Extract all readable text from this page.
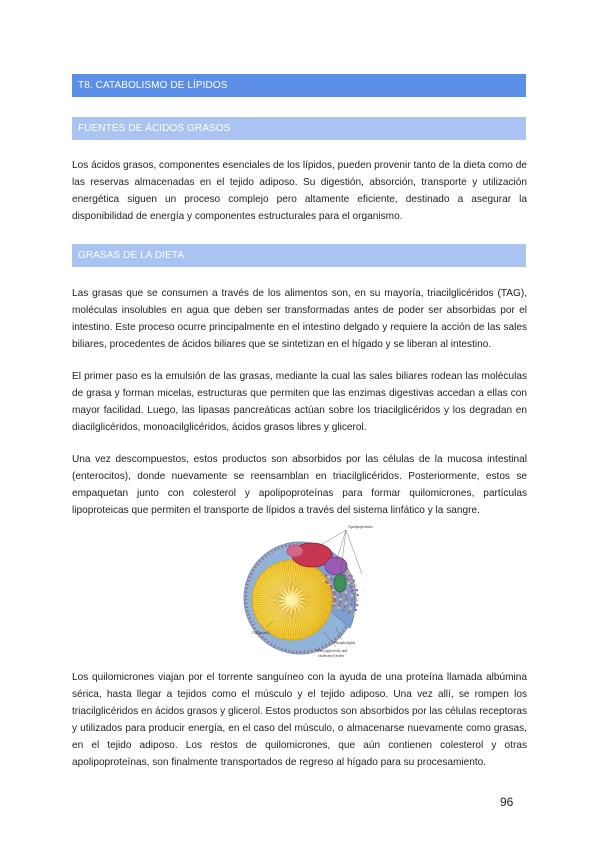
T8. CATABOLISMO DE LÍPIDOS
FUENTES DE ÁCIDOS GRASOS

Los ácidos grasos, componentes esenciales de los lípidos, pueden provenir tanto de la dieta como de las reservas almacenadas en el tejido adiposo. Su digestión, absorción, transporte y utilización energética siguen un proceso complejo pero altamente eficiente, destinado a asegurar la disponibilidad de energía y componentes estructurales para el organismo.

GRASAS DE LA DIETA

Las grasas que se consumen a través de los alimentos son, en su mayoría, triacilglicéridos (TAG), moléculas insolubles en agua que deben ser transformadas antes de poder ser absorbidas por el intestino. Este proceso ocurre principalmente en el intestino delgado y requiere la acción de las sales biliares, procedentes de ácidos biliares que se sintetizan en el hígado y se liberan al intestino.

El primer paso es la emulsión de las grasas, mediante la cual las sales biliares rodean las moléculas de grasa y forman micelas, estructuras que permiten que las enzimas digestivas accedan a ellas con mayor facilidad. Luego, las lipasas pancreáticas actúan sobre los triacilglicéridos y los degradan en diacilglicéridos, monoacilglicéridos, ácidos grasos libres y glicerol.

Una vez descompuestos, estos productos son absorbidos por las células de la mucosa intestinal (enterocitos), donde nuevamente se reensamblan en triacilglicéridos. Posteriormente, estos se empaquetan junto con colesterol y apolipoproteínas para formar quilomicrones, partículas lipoproteicas que permiten el transporte de lípidos a través del sistema linfático y la sangre.

Apolipoproteins
Cholesterol
Phospholipids
Triacylglycerols and
cholesteryl esters

Los quilomicrones viajan por el torrente sanguíneo con la ayuda de una proteína llamada albúmina sérica, hasta llegar a tejidos como el músculo y el tejido adiposo. Una vez allí, se rompen los triacilglicéridos en ácidos grasos y glicerol. Estos productos son absorbidos por las células receptoras y utilizados para producir energía, en el caso del músculo, o almacenarse nuevamente como grasas, en el tejido adiposo. Los restos de quilomicrones, que aún contienen colesterol y otras apolipoproteínas, son finalmente transportados de regreso al hígado para su procesamiento.

96
